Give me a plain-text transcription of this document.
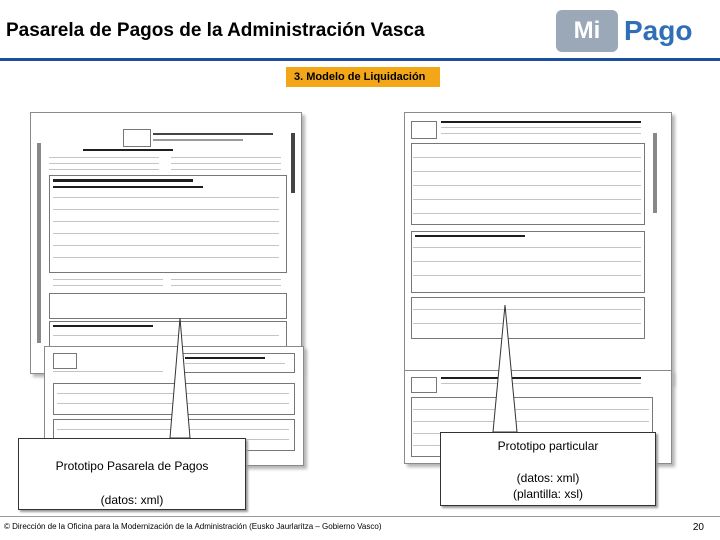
Pasarela de Pagos de la Administración Vasca	Mi Pago
3. Modelo de Liquidación
Prototipo Pasarela de Pagos
(datos: xml)
Prototipo particular
(datos: xml)
(plantilla: xsl)
© Dirección de la Oficina para la Modernización de la Administración (Eusko Jaurlaritza – Gobierno Vasco)	20
